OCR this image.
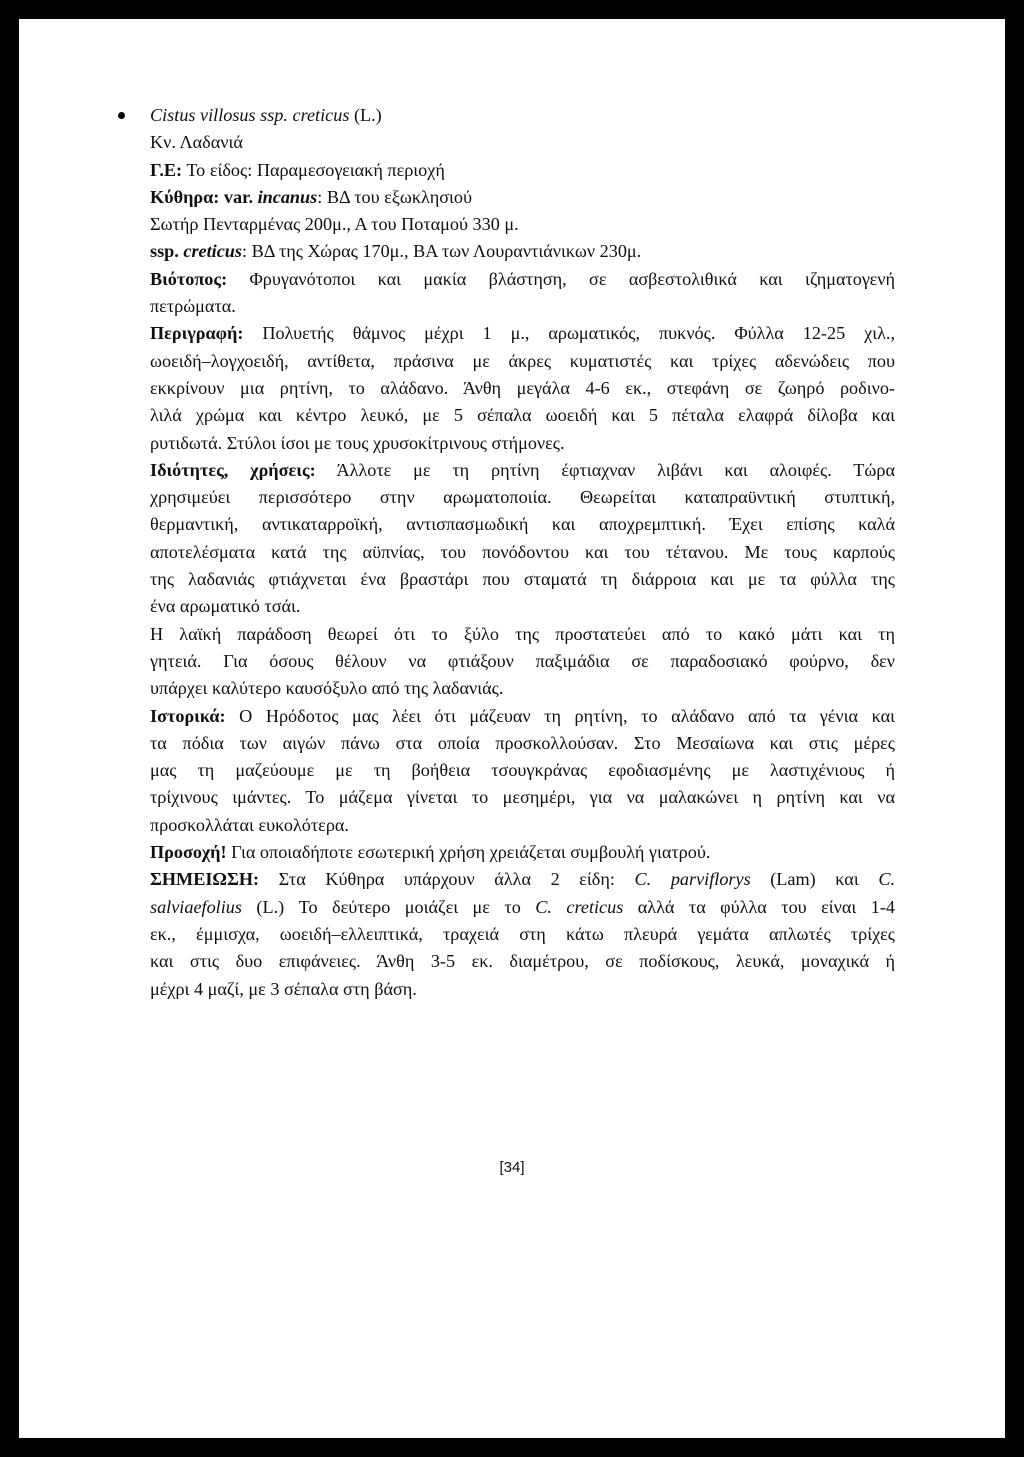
Cistus villosus ssp. creticus (L.)
Κν. Λαδανιά
Γ.Ε: Το είδος: Παραμεσογειακή περιοχή
Κύθηρα: var. incanus: ΒΔ του εξωκλησιού
Σωτήρ Πενταρμένας 200μ., Α του Ποταμού 330 μ.
ssp. creticus: ΒΔ της Χώρας 170μ., ΒΑ των Λουραντιάνικων 230μ.
Βιότοπος: Φρυγανότοποι και μακία βλάστηση, σε ασβεστολιθικά και ιζηματογενή
πετρώματα.
Περιγραφή: Πολυετής θάμνος μέχρι 1 μ., αρωματικός, πυκνός. Φύλλα 12-25 χιλ.,
ωοειδή–λογχοειδή, αντίθετα, πράσινα με άκρες κυματιστές και τρίχες αδενώδεις που
εκκρίνουν μια ρητίνη, το αλάδανο. Άνθη μεγάλα 4-6 εκ., στεφάνη σε ζωηρό ροδινο-
λιλά χρώμα και κέντρο λευκό, με 5 σέπαλα ωοειδή και 5 πέταλα ελαφρά δίλοβα και
ρυτιδωτά. Στύλοι ίσοι με τους χρυσοκίτρινους στήμονες.
Ιδιότητες, χρήσεις: Άλλοτε με τη ρητίνη έφτιαχναν λιβάνι και αλοιφές. Τώρα
χρησιμεύει περισσότερο στην αρωματοποιία. Θεωρείται καταπραϋντική στυπτική,
θερμαντική, αντικαταρροϊκή, αντισπασμωδική και αποχρεμπτική. Έχει επίσης καλά
αποτελέσματα κατά της αϋπνίας, του πονόδοντου και του τέτανου. Με τους καρπούς
της λαδανιάς φτιάχνεται ένα βραστάρι που σταματά τη διάρροια και με τα φύλλα της
ένα αρωματικό τσάι.
Η λαϊκή παράδοση θεωρεί ότι το ξύλο της προστατεύει από το κακό μάτι και τη
γητειά. Για όσους θέλουν να φτιάξουν παξιμάδια σε παραδοσιακό φούρνο, δεν
υπάρχει καλύτερο καυσόξυλο από της λαδανιάς.
Ιστορικά: Ο Ηρόδοτος μας λέει ότι μάζευαν τη ρητίνη, το αλάδανο από τα γένια και
τα πόδια των αιγών πάνω στα οποία προσκολλούσαν. Στο Μεσαίωνα και στις μέρες
μας τη μαζεύουμε με τη βοήθεια τσουγκράνας εφοδιασμένης με λαστιχένιους ή
τρίχινους ιμάντες. Το μάζεμα γίνεται το μεσημέρι, για να μαλακώνει η ρητίνη και να
προσκολλάται ευκολότερα.
Προσοχή! Για οποιαδήποτε εσωτερική χρήση χρειάζεται συμβουλή γιατρού.
ΣΗΜΕΙΩΣΗ: Στα Κύθηρα υπάρχουν άλλα 2 είδη: C. parviflorys (Lam) και C.
salviaefolius (L.) Το δεύτερο μοιάζει με το C. creticus αλλά τα φύλλα του είναι 1-4
εκ., έμμισχα, ωοειδή–ελλειπτικά, τραχειά στη κάτω πλευρά γεμάτα απλωτές τρίχες
και στις δυο επιφάνειες. Άνθη 3-5 εκ. διαμέτρου, σε ποδίσκους, λευκά, μοναχικά ή
μέχρι 4 μαζί, με 3 σέπαλα στη βάση.
[34]
